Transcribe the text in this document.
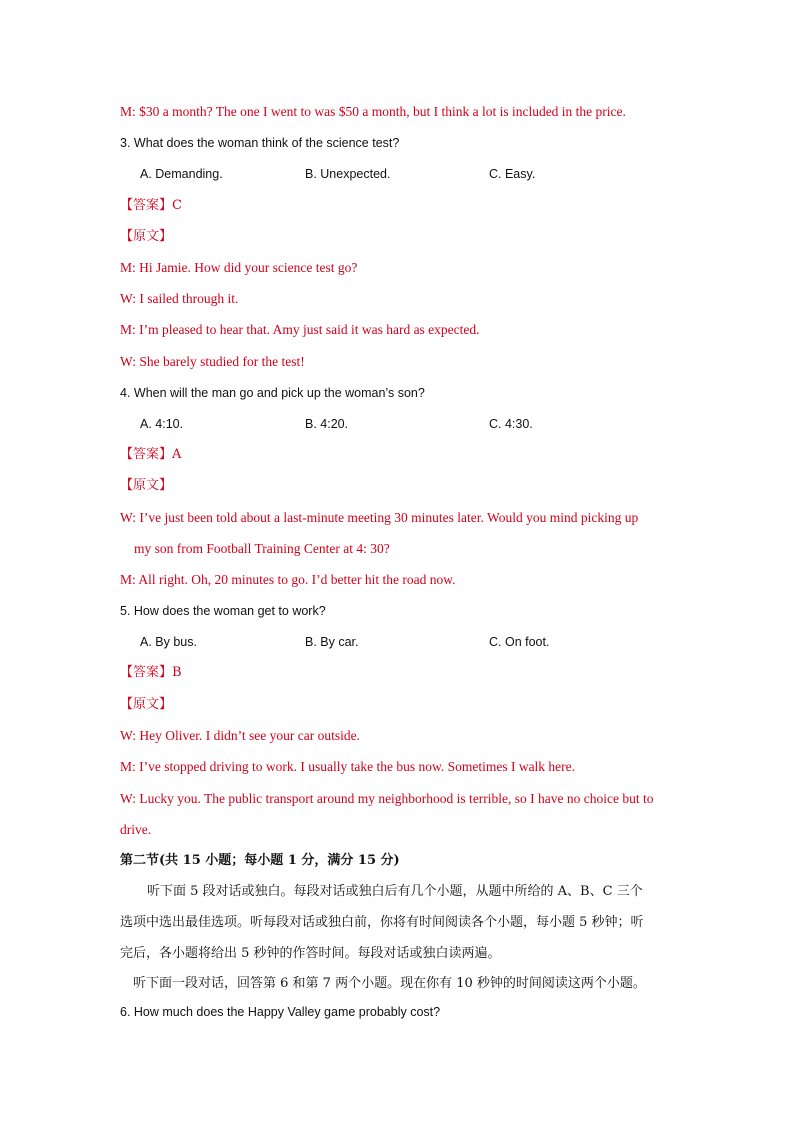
M: $30 a month? The one I went to was $50 a month, but I think a lot is included in the price.
3. What does the woman think of the science test?
A. Demanding.	B. Unexpected.	C. Easy.
【答案】C
【原文】
M: Hi Jamie. How did your science test go?
W: I sailed through it.
M: I’m pleased to hear that. Amy just said it was hard as expected.
W: She barely studied for the test!
4. When will the man go and pick up the woman’s son?
A. 4:10.	B. 4:20.	C. 4:30.
【答案】A
【原文】
W: I’ve just been told about a last-minute meeting 30 minutes later. Would you mind picking up
my son from Football Training Center at 4: 30?
M: All right. Oh, 20 minutes to go. I’d better hit the road now.
5. How does the woman get to work?
A. By bus.	B. By car.	C. On foot.
【答案】B
【原文】
W: Hey Oliver. I didn’t see your car outside.
M: I’ve stopped driving to work. I usually take the bus now. Sometimes I walk here.
W: Lucky you. The public transport around my neighborhood is terrible, so I have no choice but to
drive.
第二节(共 15 小题；每小题 1 分，满分 15 分)
听下面 5 段对话或独白。每段对话或独白后有几个小题，从题中所给的 A、B、C 三个
选项中选出最佳选项。听每段对话或独白前，你将有时间阅读各个小题，每小题 5 秒钟；听
完后，各小题将给出 5 秒钟的作答时间。每段对话或独白读两遍。
听下面一段对话，回答第 6 和第 7 两个小题。现在你有 10 秒钟的时间阅读这两个小题。
6. How much does the Happy Valley game probably cost?
